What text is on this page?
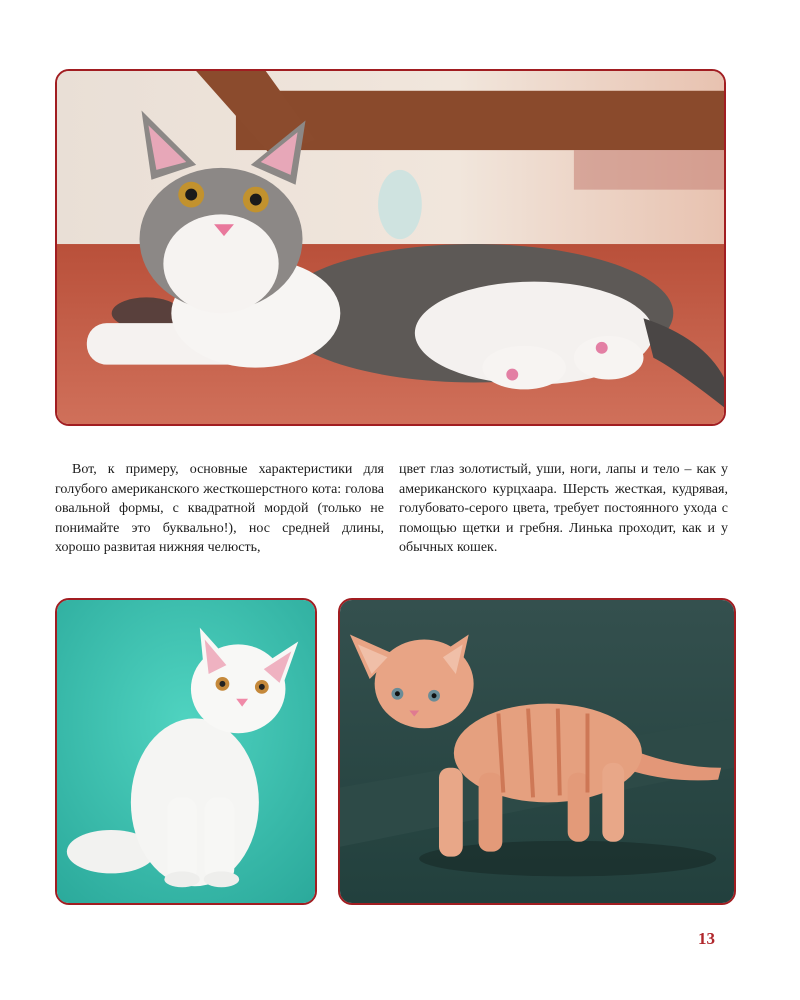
Вот, к примеру, основные характеристики для голубого американского жесткошерстного кота: голова овальной формы, с квадратной мордой (только не понимайте это буквально!), нос средней длины, хорошо развитая нижняя челюсть,

цвет глаз золотистый, уши, ноги, лапы и тело – как у американского курцхаара. Шерсть жесткая, кудрявая, голубовато-серого цвета, требует постоянного ухода с помощью щетки и гребня. Линька проходит, как и у обычных кошек.

13
